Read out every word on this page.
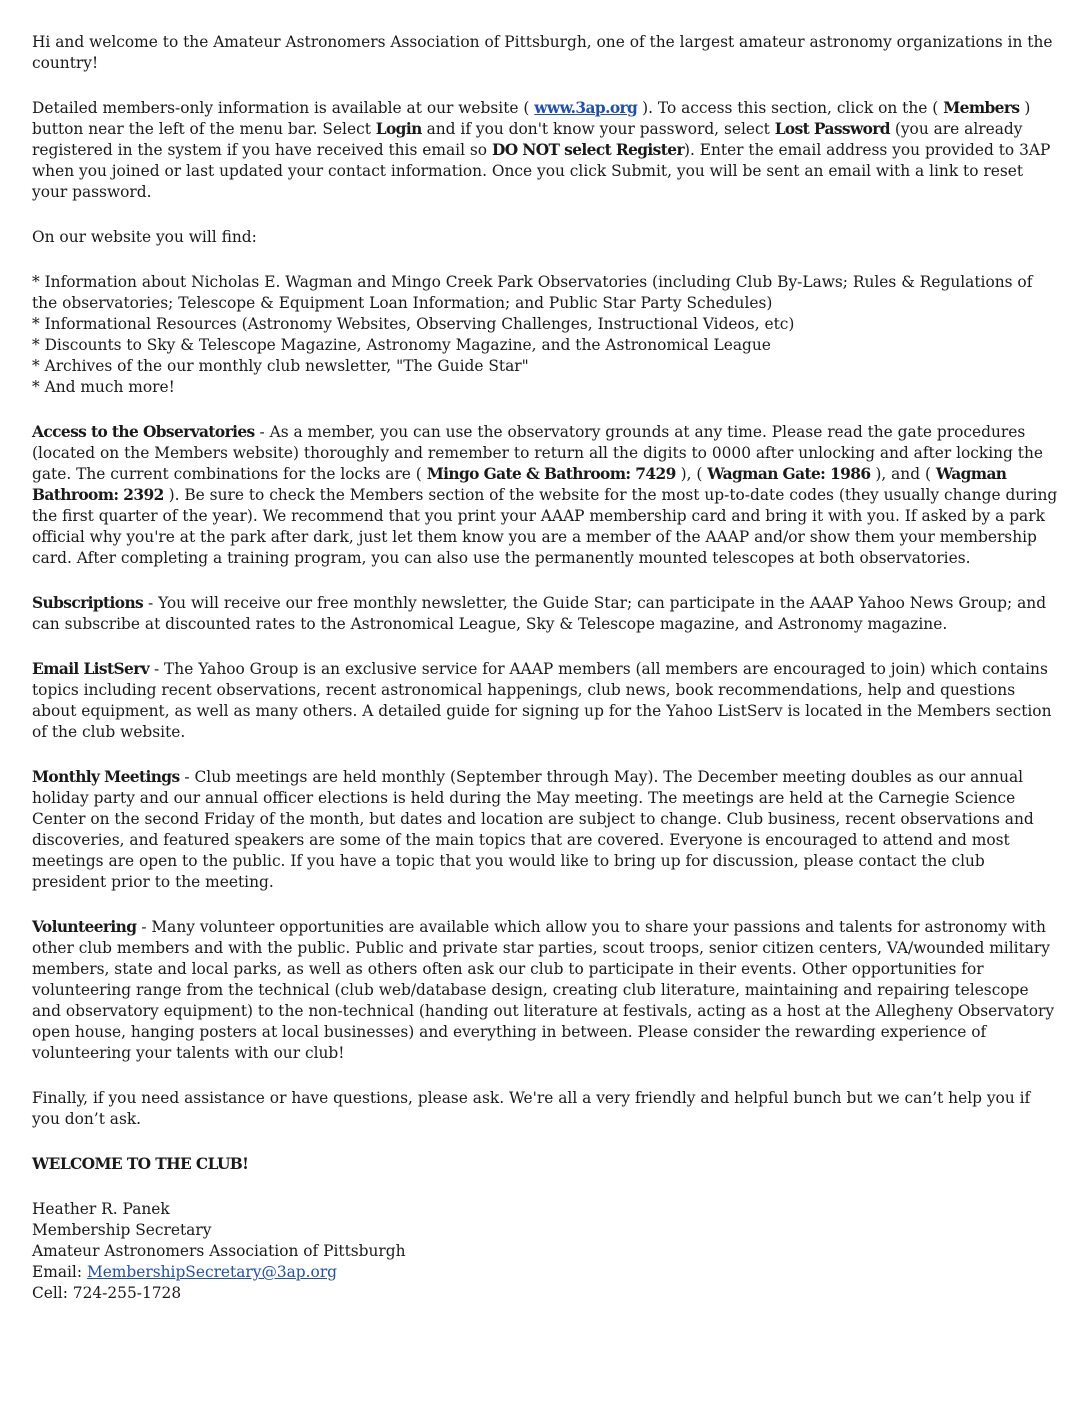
Hi and welcome to the Amateur Astronomers Association of Pittsburgh, one of the largest amateur astronomy organizations in the country!

Detailed members-only information is available at our website ( www.3ap.org ). To access this section, click on the ( Members ) button near the left of the menu bar. Select Login and if you don't know your password, select Lost Password (you are already registered in the system if you have received this email so DO NOT select Register). Enter the email address you provided to 3AP when you joined or last updated your contact information. Once you click Submit, you will be sent an email with a link to reset your password.

On our website you will find:

* Information about Nicholas E. Wagman and Mingo Creek Park Observatories (including Club By-Laws; Rules & Regulations of the observatories; Telescope & Equipment Loan Information; and Public Star Party Schedules)
* Informational Resources (Astronomy Websites, Observing Challenges, Instructional Videos, etc)
* Discounts to Sky & Telescope Magazine, Astronomy Magazine, and the Astronomical League
* Archives of the our monthly club newsletter, "The Guide Star"
* And much more!

Access to the Observatories - As a member, you can use the observatory grounds at any time. Please read the gate procedures (located on the Members website) thoroughly and remember to return all the digits to 0000 after unlocking and after locking the gate. The current combinations for the locks are ( Mingo Gate & Bathroom: 7429 ), ( Wagman Gate: 1986 ), and ( Wagman Bathroom: 2392 ). Be sure to check the Members section of the website for the most up-to-date codes (they usually change during the first quarter of the year). We recommend that you print your AAAP membership card and bring it with you. If asked by a park official why you're at the park after dark, just let them know you are a member of the AAAP and/or show them your membership card. After completing a training program, you can also use the permanently mounted telescopes at both observatories.

Subscriptions - You will receive our free monthly newsletter, the Guide Star; can participate in the AAAP Yahoo News Group; and can subscribe at discounted rates to the Astronomical League, Sky & Telescope magazine, and Astronomy magazine.

Email ListServ - The Yahoo Group is an exclusive service for AAAP members (all members are encouraged to join) which contains topics including recent observations, recent astronomical happenings, club news, book recommendations, help and questions about equipment, as well as many others. A detailed guide for signing up for the Yahoo ListServ is located in the Members section of the club website.

Monthly Meetings - Club meetings are held monthly (September through May). The December meeting doubles as our annual holiday party and our annual officer elections is held during the May meeting. The meetings are held at the Carnegie Science Center on the second Friday of the month, but dates and location are subject to change. Club business, recent observations and discoveries, and featured speakers are some of the main topics that are covered. Everyone is encouraged to attend and most meetings are open to the public. If you have a topic that you would like to bring up for discussion, please contact the club president prior to the meeting.

Volunteering - Many volunteer opportunities are available which allow you to share your passions and talents for astronomy with other club members and with the public. Public and private star parties, scout troops, senior citizen centers, VA/wounded military members, state and local parks, as well as others often ask our club to participate in their events. Other opportunities for volunteering range from the technical (club web/database design, creating club literature, maintaining and repairing telescope and observatory equipment) to the non-technical (handing out literature at festivals, acting as a host at the Allegheny Observatory open house, hanging posters at local businesses) and everything in between. Please consider the rewarding experience of volunteering your talents with our club!

Finally, if you need assistance or have questions, please ask. We're all a very friendly and helpful bunch but we can’t help you if you don’t ask.

WELCOME TO THE CLUB!

Heather R. Panek
Membership Secretary
Amateur Astronomers Association of Pittsburgh
Email: MembershipSecretary@3ap.org
Cell: 724-255-1728
